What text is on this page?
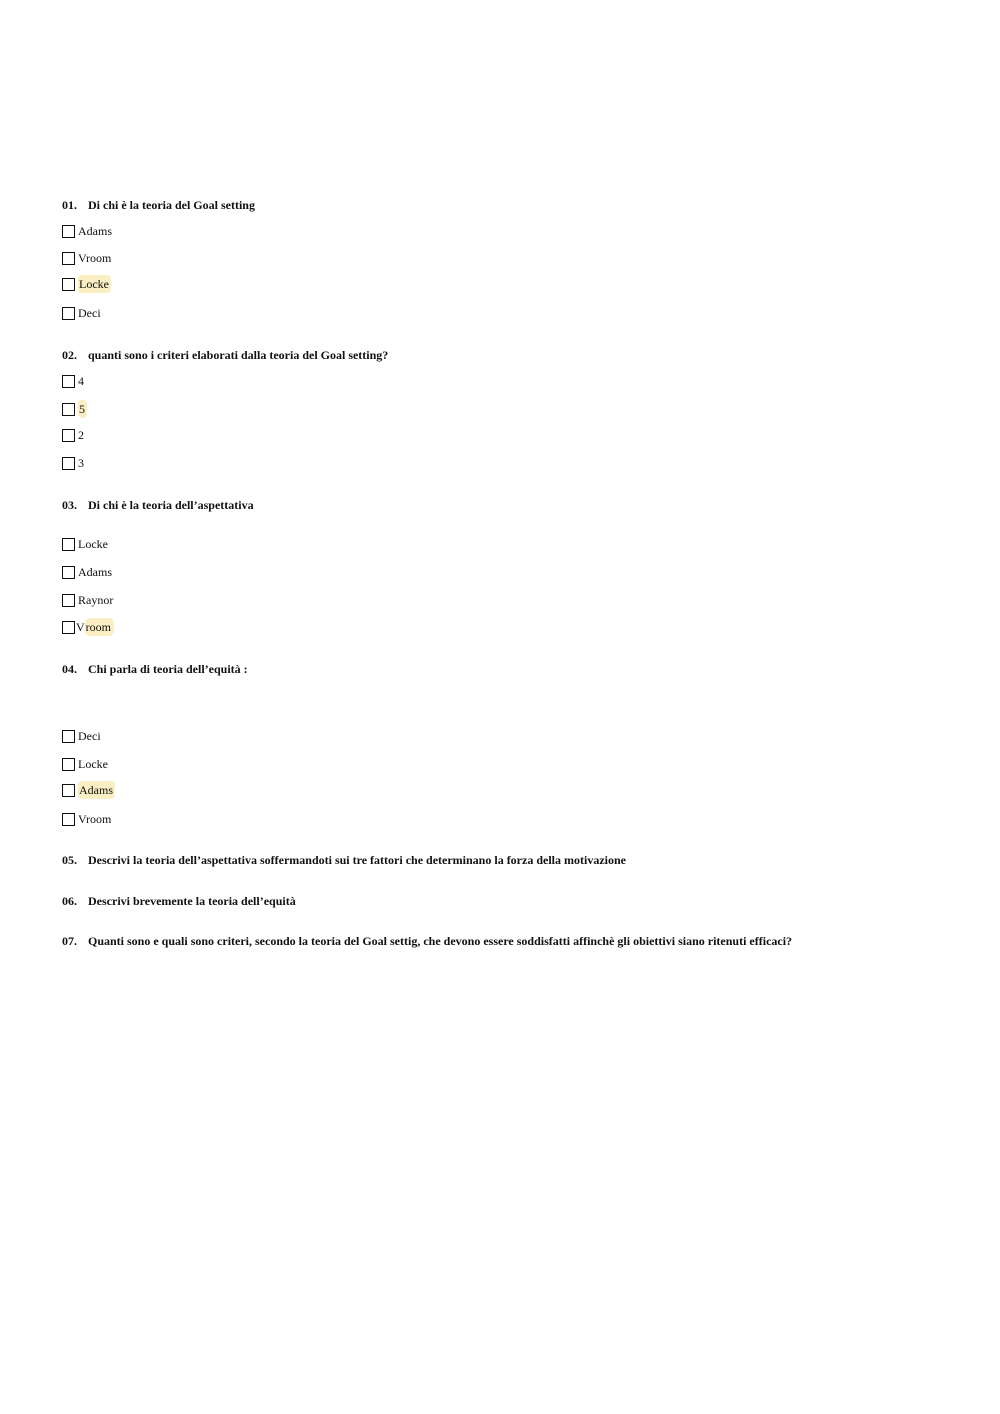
01. Di chi è la teoria del Goal setting
Adams
Vroom
Locke
Deci
02. quanti sono i criteri elaborati dalla teoria del Goal setting?
4
5
2
3
03. Di chi è la teoria dell’aspettativa
Locke
Adams
Raynor
Vroom
04. Chi parla di teoria dell’equità :
Deci
Locke
Adams
Vroom
05. Descrivi la teoria dell’aspettativa soffermandoti sui tre fattori che determinano la forza della motivazione
06. Descrivi brevemente la teoria dell’equità
07. Quanti sono e quali sono criteri, secondo la teoria del Goal settig, che devono essere soddisfatti affinchè gli obiettivi siano ritenuti efficaci?
